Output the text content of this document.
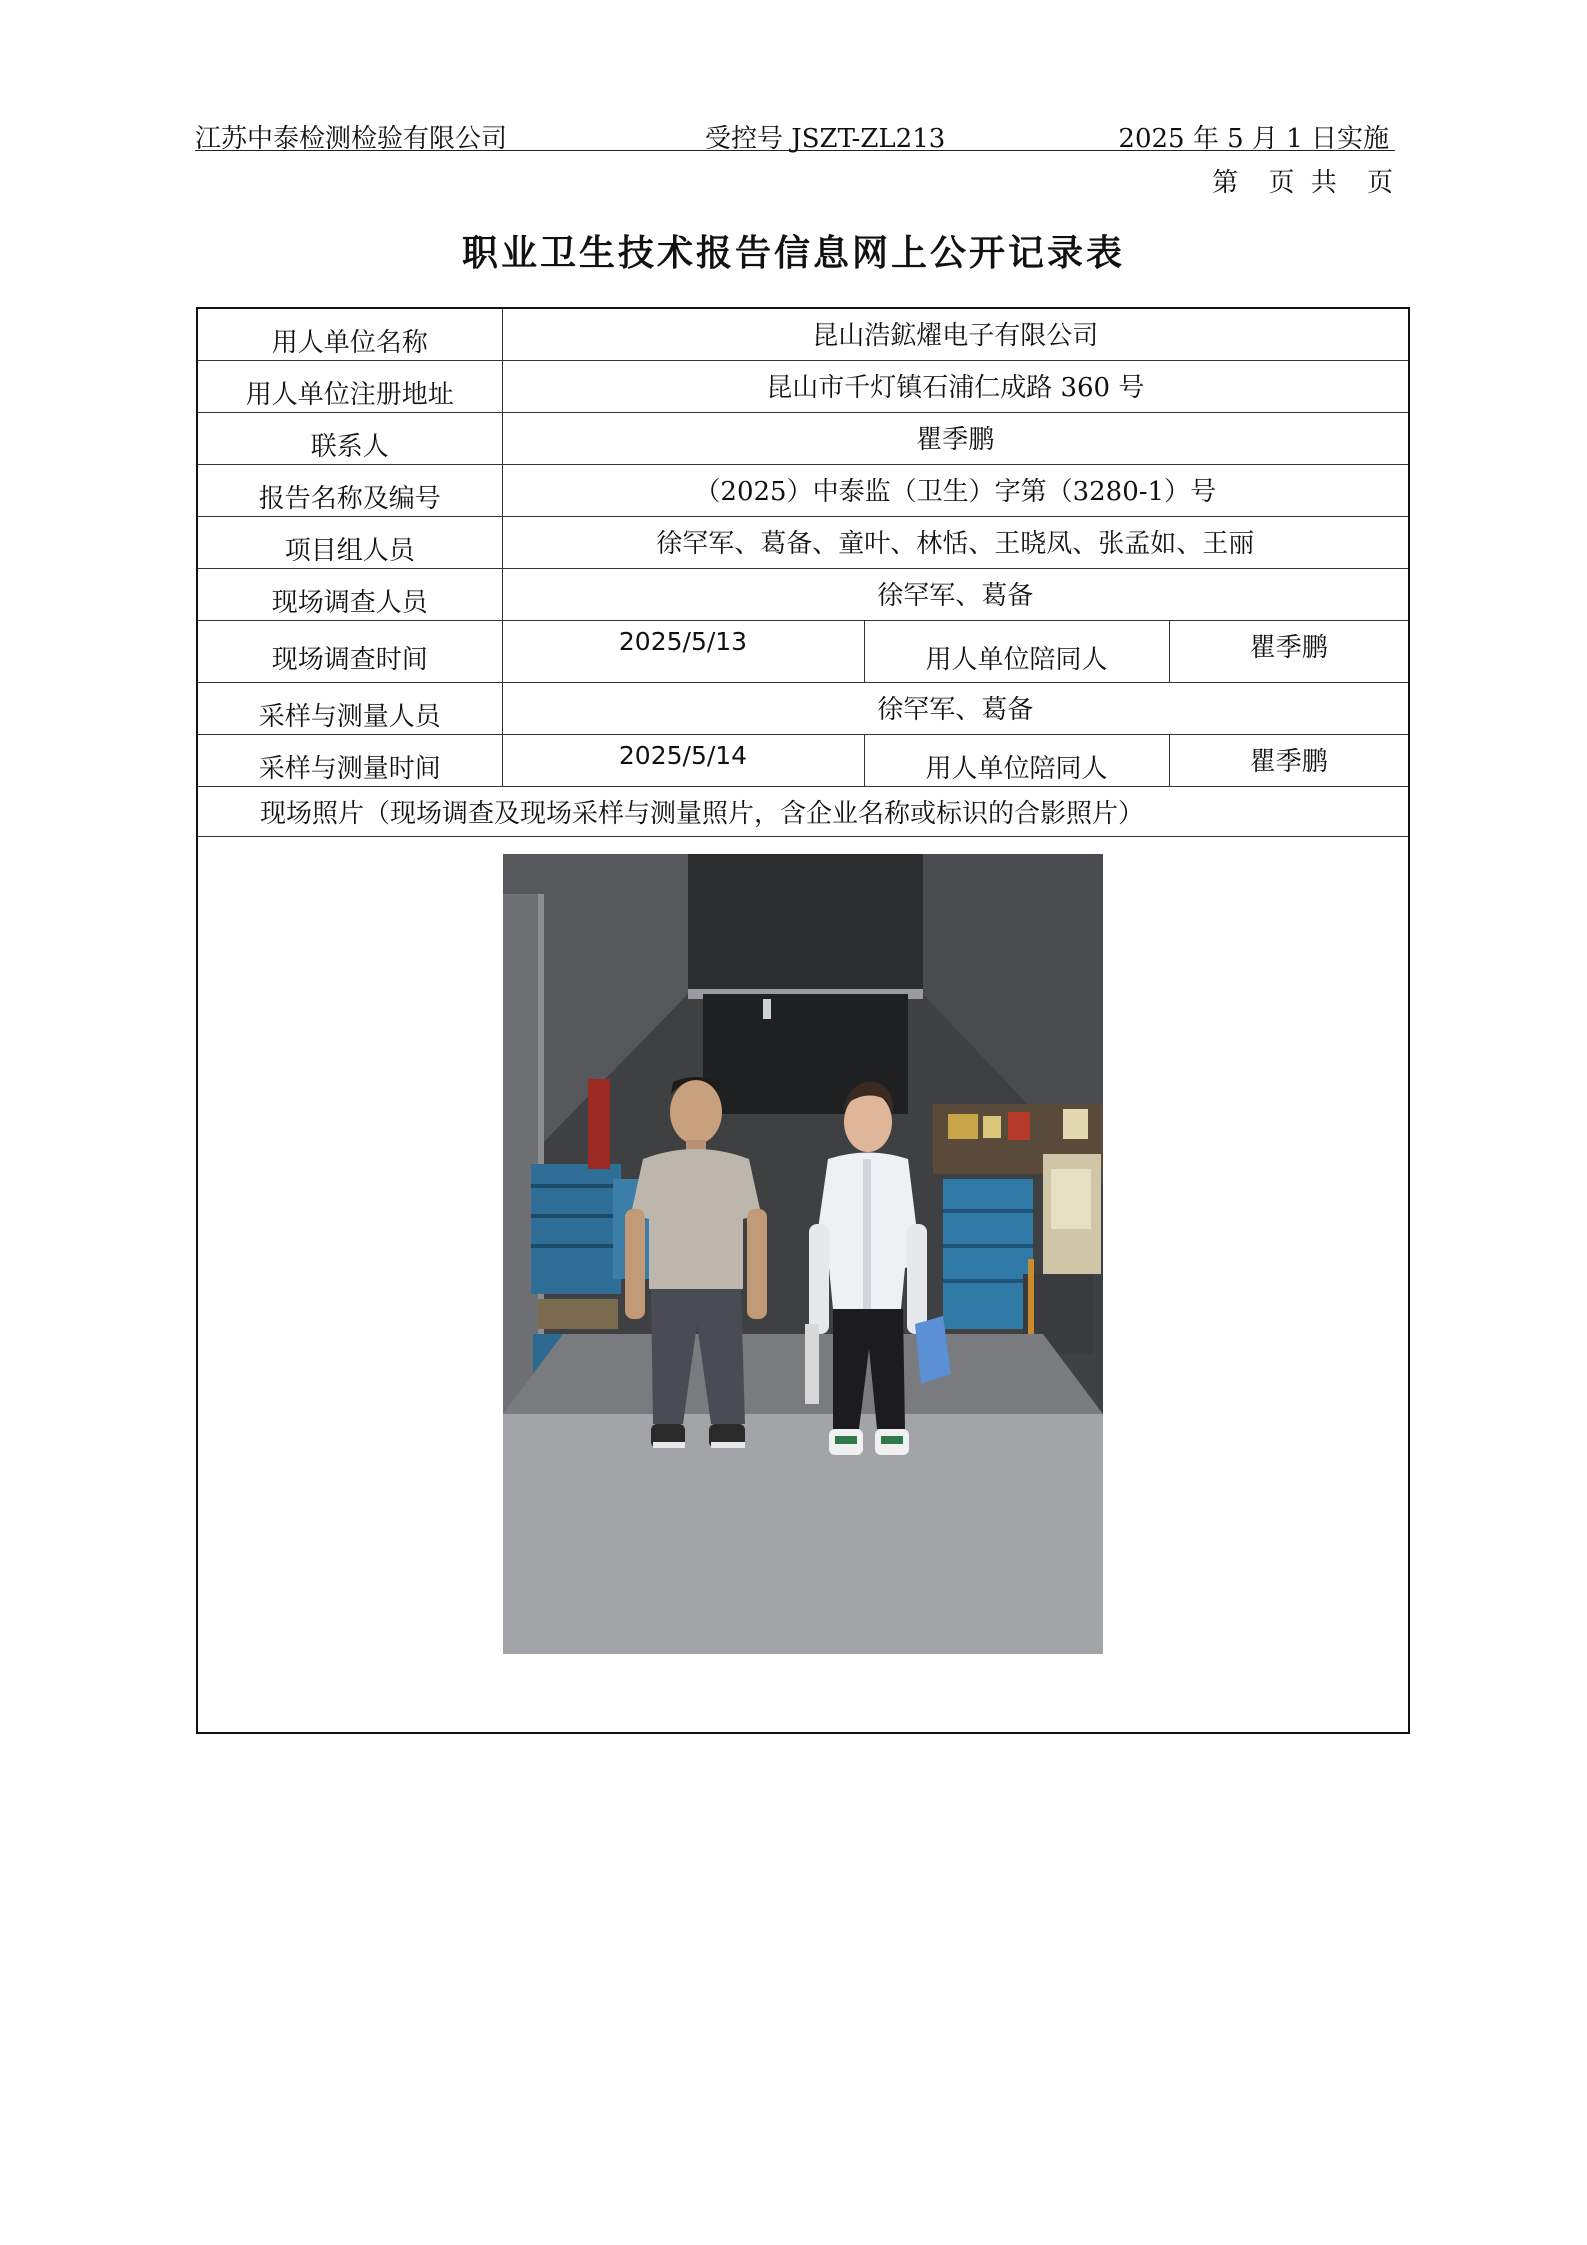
江苏中泰检测检验有限公司	受控号 JSZT-ZL213	2025 年 5 月 1 日实施
第 页 共 页
职业卫生技术报告信息网上公开记录表
用人单位名称	昆山浩鉱燿电子有限公司		
用人单位注册地址	昆山市千灯镇石浦仁成路 360 号		
联系人	瞿季鹏		
报告名称及编号	（2025）中泰监（卫生）字第（3280-1）号		
项目组人员	徐罕军、葛备、童叶、林恬、王晓凤、张孟如、王丽		
现场调查人员	徐罕军、葛备		
现场调查时间	2025/5/13	用人单位陪同人	瞿季鹏
采样与测量人员	徐罕军、葛备		
采样与测量时间	2025/5/14	用人单位陪同人	瞿季鹏
现场照片（现场调查及现场采样与测量照片，含企业名称或标识的合影照片）			
